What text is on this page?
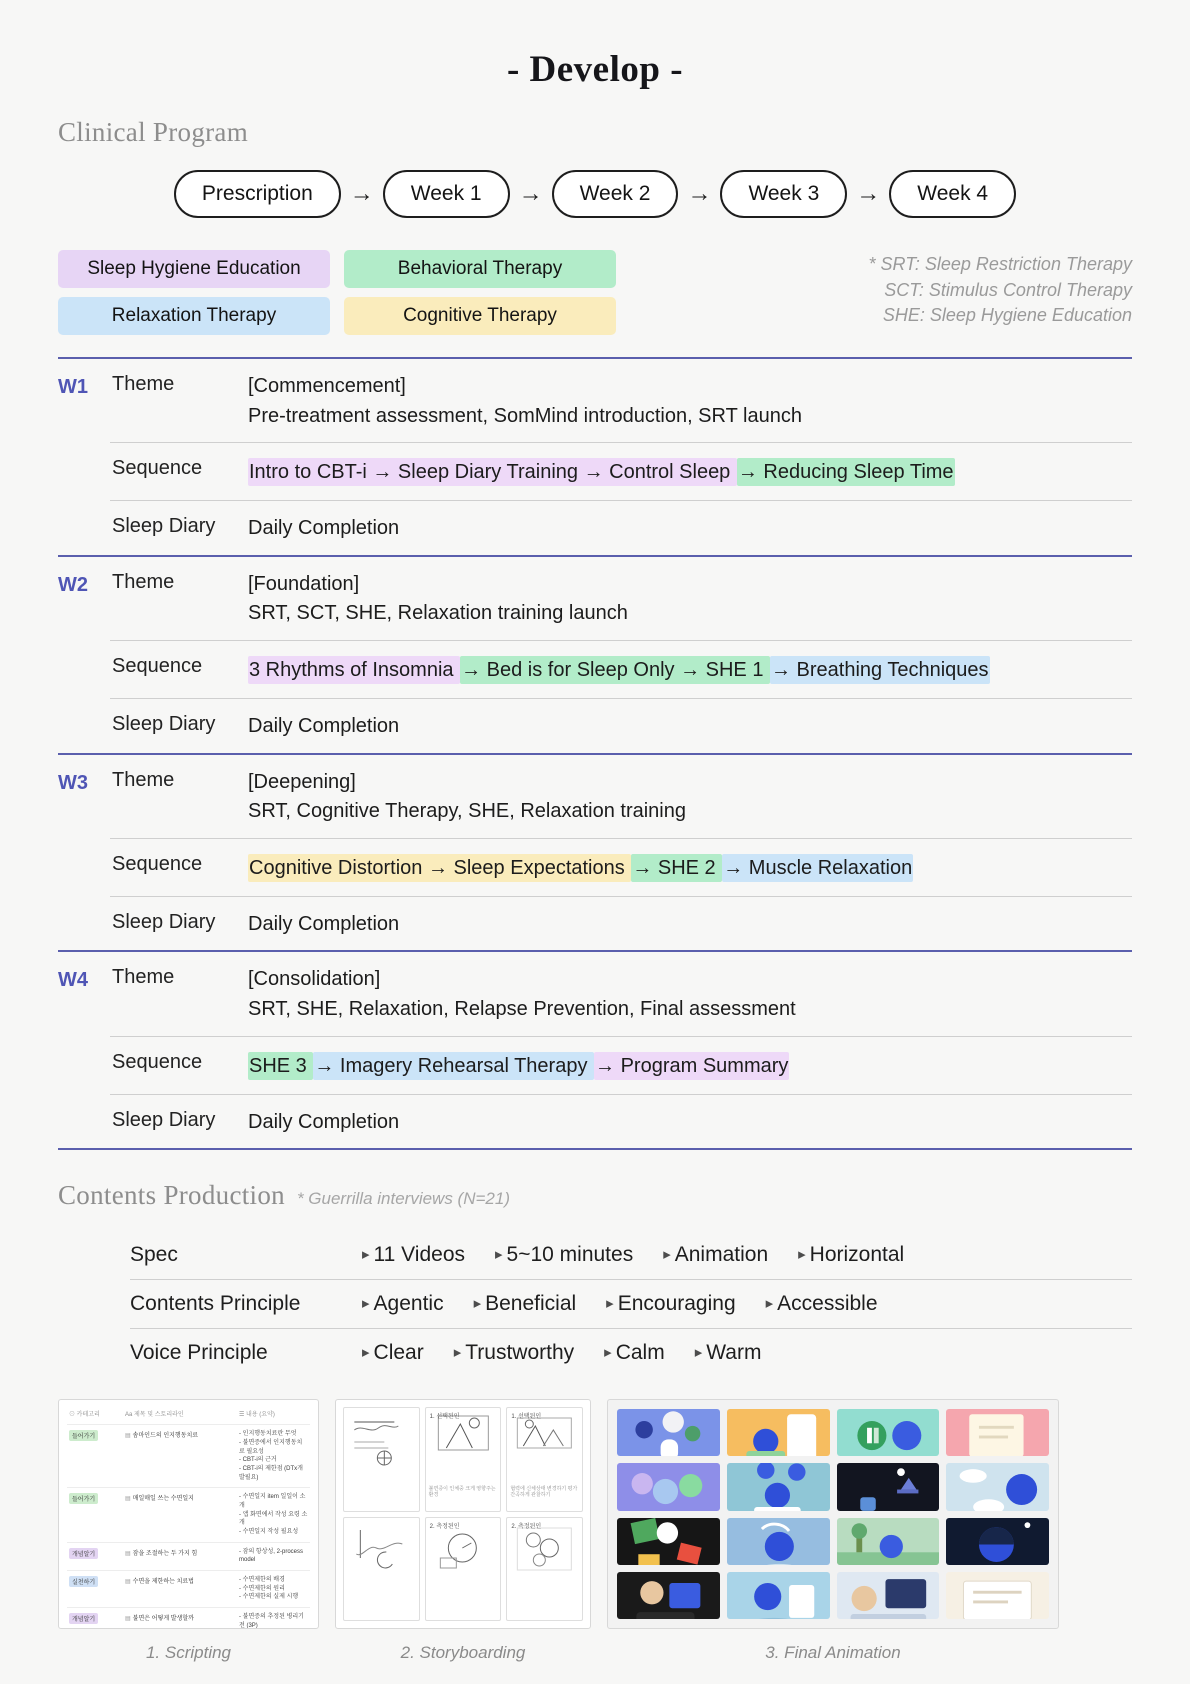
- Develop -
Clinical Program
Prescription	→	Week 1	→	Week 2	→	Week 3	→	Week 4
Sleep Hygiene Education	Behavioral Therapy
Relaxation Therapy	Cognitive Therapy
* SRT: Sleep Restriction Therapy
SCT: Stimulus Control Therapy
SHE: Sleep Hygiene Education
W1	Theme	[Commencement]
Pre-treatment assessment, SomMind introduction, SRT launch
Sequence	Intro to CBT-i → Sleep Diary Training → Control Sleep → Reducing Sleep Time
Sleep Diary	Daily Completion
W2	Theme	[Foundation]
SRT, SCT, SHE, Relaxation training launch
Sequence	3 Rhythms of Insomnia → Bed is for Sleep Only → SHE 1 → Breathing Techniques
Sleep Diary	Daily Completion
W3	Theme	[Deepening]
SRT, Cognitive Therapy, SHE, Relaxation training
Sequence	Cognitive Distortion → Sleep Expectations → SHE 2 → Muscle Relaxation
Sleep Diary	Daily Completion
W4	Theme	[Consolidation]
SRT, SHE, Relaxation, Relapse Prevention, Final assessment
Sequence	SHE 3 → Imagery Rehearsal Therapy → Program Summary
Sleep Diary	Daily Completion
Contents Production * Guerrilla interviews (N=21)
Spec	▸ 11 Videos ▸ 5~10 minutes ▸ Animation ▸ Horizontal
Contents Principle	▸ Agentic ▸ Beneficial ▸ Encouraging ▸ Accessible
Voice Principle	▸ Clear ▸ Trustworthy ▸ Calm ▸ Warm
⊙ 카테고리	Aa 제목 및 스토리라인	☰ 내용 (요약)
들어가기	▤ 솜마인드의 인지행동치료	- 인지행동치료란 무엇
- 불면증에서 인지행동치료 필요성
- CBT-i의 근거
- CBT-i의 제한점 (DTx개발필요)
들어가기	▤ 매일매일 쓰는 수면일지	- 수면일지 item 일일이 소개
- 앱 화면에서 작성 요령 소개
- 수면일지 작성 필요성
개념알기	▤ 잠을 조절하는 두 가지 힘	- 잠의 항상성, 2-process model
실천하기	▤ 수면을 제한하는 치료법	- 수면제한의 배경
- 수면제한의 원리
- 수면제한의 실제 시행
개념알기	▤ 불면은 어떻게 발생할까	- 불면증의 추정된 병리기전 (3P)
1. Scripting
1. 선택된인
불면증이 인체중 크게 영향주는 환경
1. 선택된인
협력에 신체상태 변경하기 평가 간곡하게 관찰하기
2. 측정된인	2. 측정된인
2. Storyboarding	3. Final Animation
